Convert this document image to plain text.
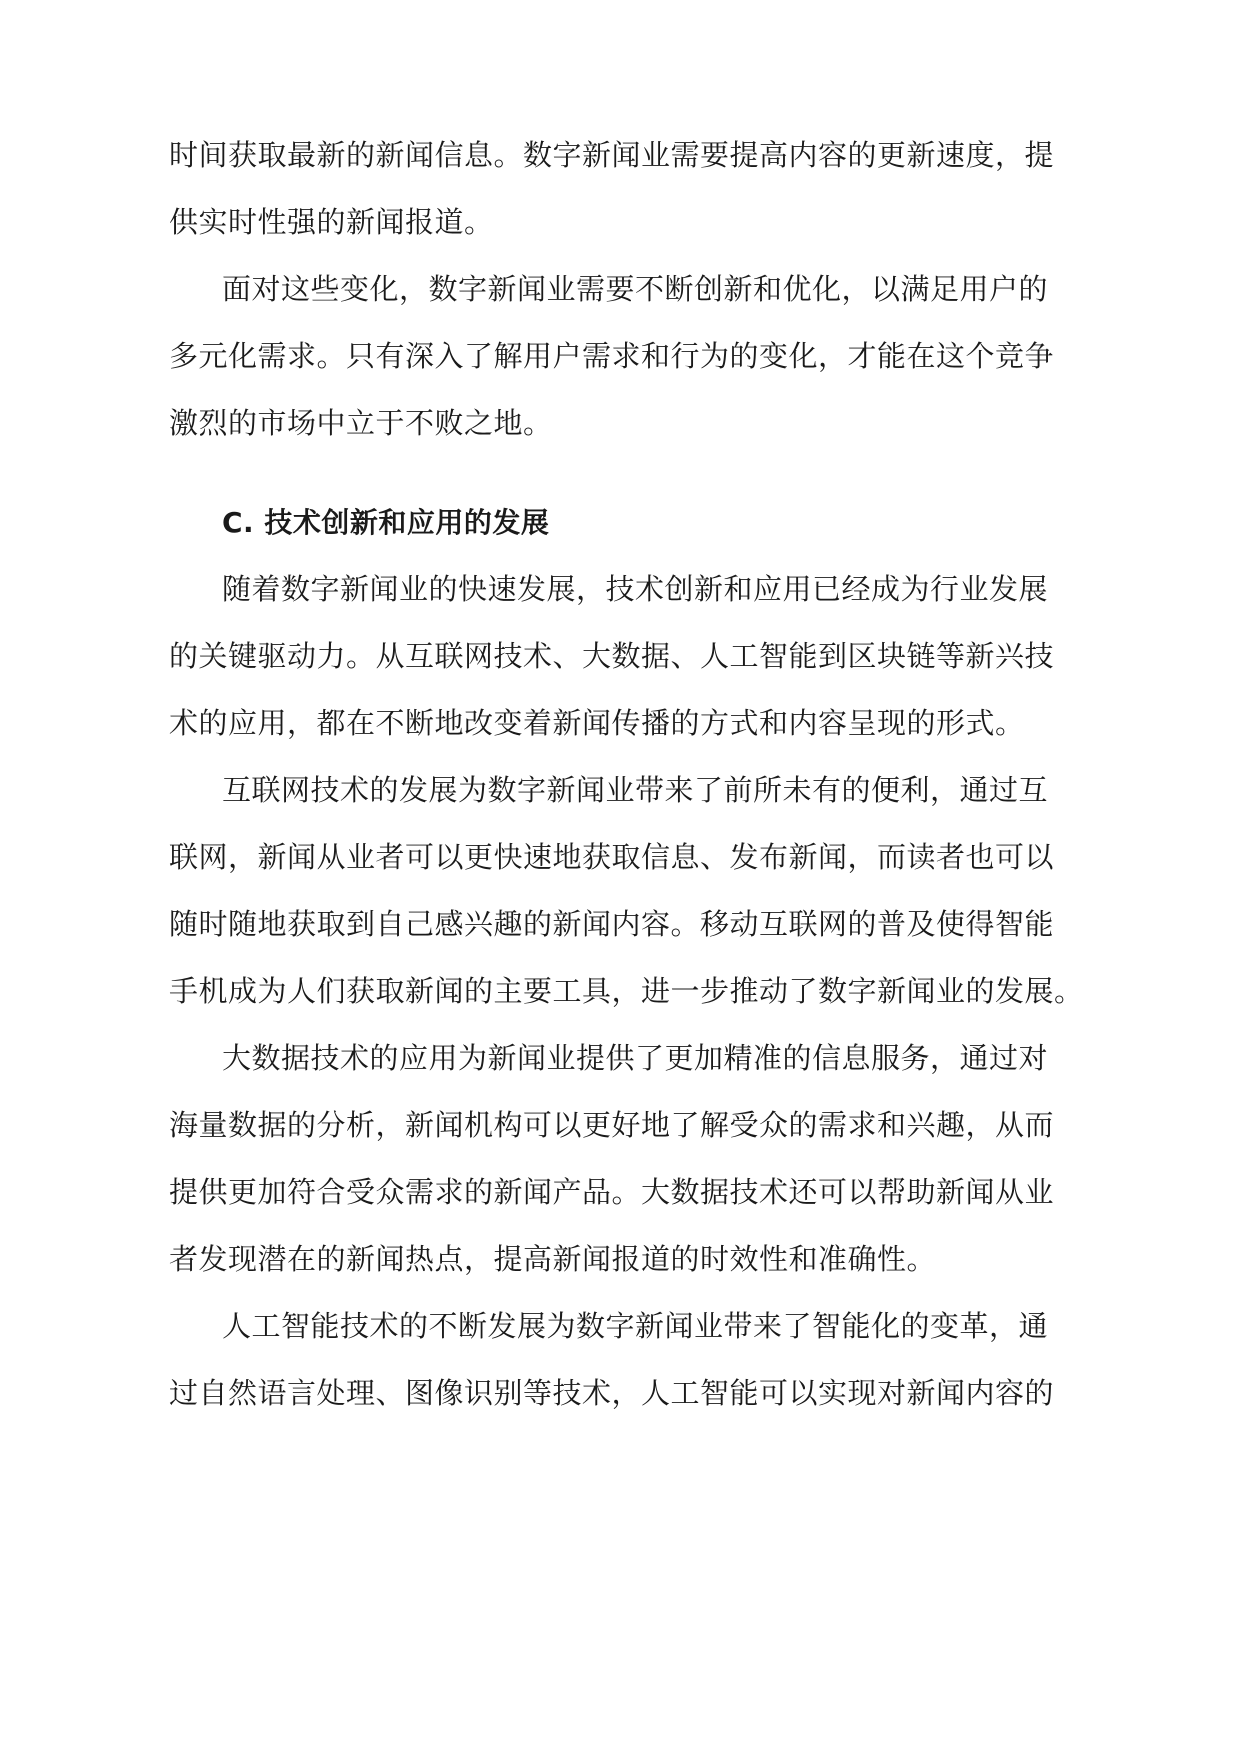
时间获取最新的新闻信息。数字新闻业需要提高内容的更新速度，提
供实时性强的新闻报道。
面对这些变化，数字新闻业需要不断创新和优化，以满足用户的
多元化需求。只有深入了解用户需求和行为的变化，才能在这个竞争
激烈的市场中立于不败之地。
C. 技术创新和应用的发展
随着数字新闻业的快速发展，技术创新和应用已经成为行业发展
的关键驱动力。从互联网技术、大数据、人工智能到区块链等新兴技
术的应用，都在不断地改变着新闻传播的方式和内容呈现的形式。
互联网技术的发展为数字新闻业带来了前所未有的便利，通过互
联网，新闻从业者可以更快速地获取信息、发布新闻，而读者也可以
随时随地获取到自己感兴趣的新闻内容。移动互联网的普及使得智能
手机成为人们获取新闻的主要工具，进一步推动了数字新闻业的发展。
大数据技术的应用为新闻业提供了更加精准的信息服务，通过对
海量数据的分析，新闻机构可以更好地了解受众的需求和兴趣，从而
提供更加符合受众需求的新闻产品。大数据技术还可以帮助新闻从业
者发现潜在的新闻热点，提高新闻报道的时效性和准确性。
人工智能技术的不断发展为数字新闻业带来了智能化的变革，通
过自然语言处理、图像识别等技术，人工智能可以实现对新闻内容的
